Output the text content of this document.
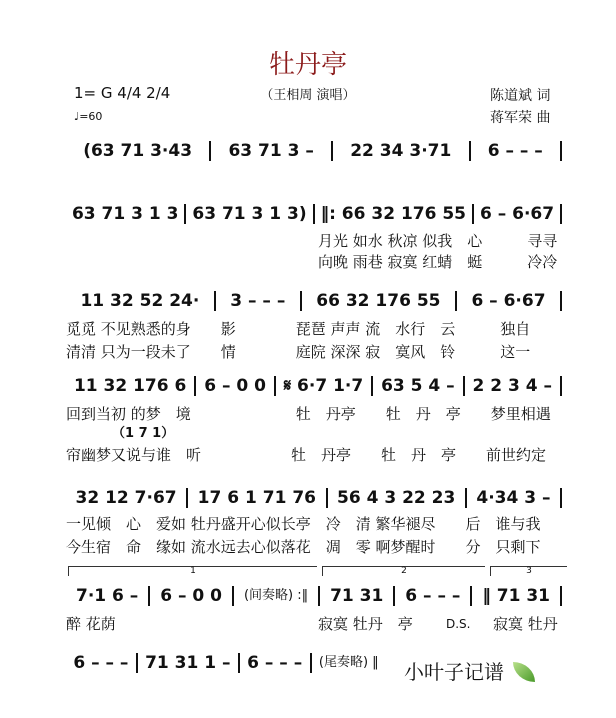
牡丹亭
（王相周 演唱）
1= G 4/4 2/4
♩=60
陈道斌 词
蒋军荣 曲
(63 71 3·43	63 71 3 –	22 34 3·71	6 – – –
63 71 3 1 3 63 71 3 1 3) ‖: 66 32 176 55 6 – 6·67
11 32 52 24·	3 – – –	66 32 176 55	6 – 6·67
11 32 176 6	6 – 0 0	𝄋 6·7 1·7	63 5 4 –	2 2 3 4 –
32 12 7·67	17 6 1 71 76	56 4 3 22 23	4·34 3 –
7·1 6 –	6 – 0 0	(间奏略) :‖	71 31	6 – – –	‖ 71 31
6 – – – 71 31 1 – 6 – – –	(尾奏略) ‖
月光 如水 秋凉 似我　心　　　寻寻
向晚 雨巷 寂寞 红蜻　蜓　　　冷冷
觅觅 不见熟悉的身　　影　　　　琵琶 声声 流　水行　云　　　独自
清清 只为一段未了　　情　　　　庭院 深深 寂　寞风　铃　　　这一
回到当初 的梦　境　　　　　　　牡　丹亭　　牡　丹　亭　　梦里相遇
（1 7 1）
帘幽梦又说与谁　听　　　　　　牡　丹亭　　牡　丹　亭　　前世约定
一见倾　心　爱如 牡丹盛开心似长亭　冷　清 繁华褪尽　　后　谁与我
今生宿　命　缘如 流水远去心似落花　凋　零 啊梦醒时　　分　只剩下
醉 花荫	寂寞 牡丹　亭	D.S. 寂寞 牡丹
1	2	3
小叶子记谱
